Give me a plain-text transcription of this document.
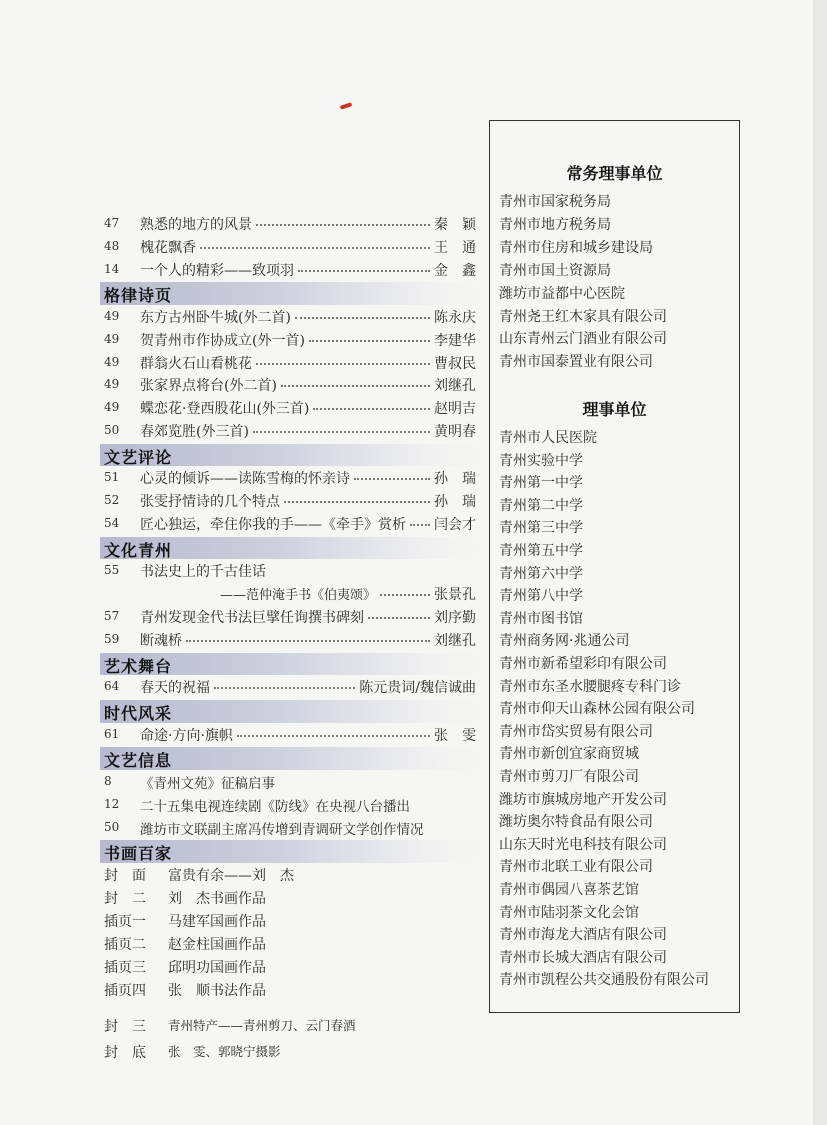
47 熟悉的地方的风景	秦　颖
48 槐花飘香	王　通
14 一个人的精彩——致项羽	金　鑫
格律诗页
49 东方古州卧牛城(外二首)	陈永庆
49 贺青州市作协成立(外一首)	李建华
49 群翁火石山看桃花	曹叔民
49 张家界点将台(外二首)	刘继孔
49 蝶恋花·登西股花山(外三首)	赵明吉
50 春郊览胜(外三首)	黄明春
文艺评论
51 心灵的倾诉——读陈雪梅的怀亲诗	孙　瑞
52 张雯抒情诗的几个特点	孙　瑞
54 匠心独运，牵住你我的手——《牵手》赏析 闫会才
文化青州
55 书法史上的千古佳话
——范仲淹手书《伯夷颂》	张景孔
57 青州发现金代书法巨擘任询撰书碑刻	刘序勤
59 断魂桥	刘继孔
艺术舞台
64 春天的祝福	陈元贵词/魏信诚曲
时代风采
61 命途·方向·旗帜	张　雯
文艺信息
8 《青州文苑》征稿启事
12 二十五集电视连续剧《防线》在央视八台播出
50 潍坊市文联副主席冯传增到青调研文学创作情况
书画百家
封　面 富贵有余——刘　杰
封　二 刘　杰书画作品
插页一 马建军国画作品
插页二 赵金柱国画作品
插页三 邱明功国画作品
插页四 张　顺书法作品
封　三 青州特产——青州剪刀、云门春酒
封　底 张　雯、郭晓宁摄影
常务理事单位
理事单位
青州市国家税务局
青州市地方税务局
青州市住房和城乡建设局
青州市国土资源局
潍坊市益都中心医院
青州尧王红木家具有限公司
山东青州云门酒业有限公司
青州市国泰置业有限公司
青州市人民医院
青州实验中学
青州第一中学
青州第二中学
青州第三中学
青州第五中学
青州第六中学
青州第八中学
青州市图书馆
青州商务网·兆通公司
青州市新希望彩印有限公司
青州市东圣水腰腿疼专科门诊
青州市仰天山森林公园有限公司
青州市岱实贸易有限公司
青州市新创宜家商贸城
青州市剪刀厂有限公司
潍坊市旗城房地产开发公司
潍坊奥尔特食品有限公司
山东天时光电科技有限公司
青州市北联工业有限公司
青州市偶园八喜茶艺馆
青州市陆羽茶文化会馆
青州市海龙大酒店有限公司
青州市长城大酒店有限公司
青州市凯程公共交通股份有限公司
